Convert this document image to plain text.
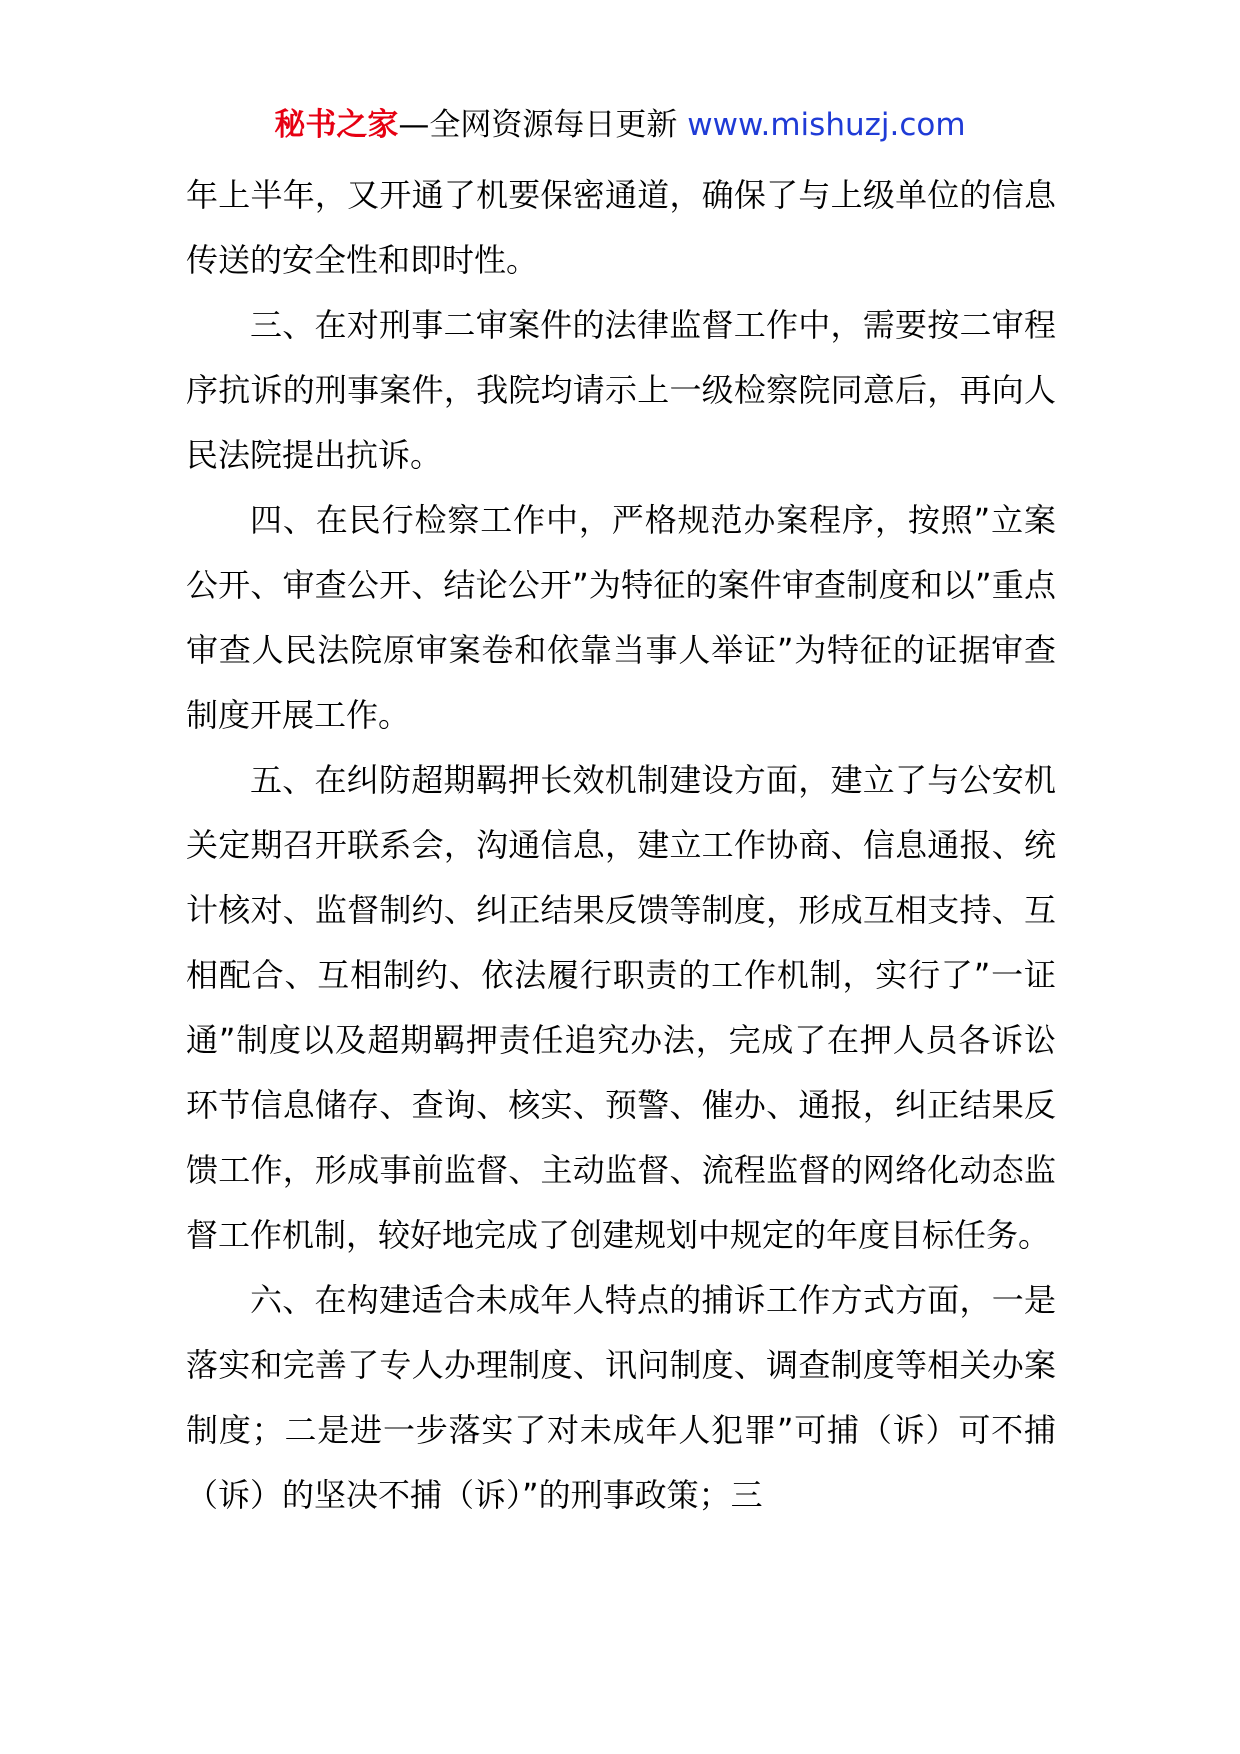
秘书之家—全网资源每日更新 www.mishuzj.com

年上半年，又开通了机要保密通道，确保了与上级单位的信息传送的安全性和即时性。

三、在对刑事二审案件的法律监督工作中，需要按二审程序抗诉的刑事案件，我院均请示上一级检察院同意后，再向人民法院提出抗诉。

四、在民行检察工作中，严格规范办案程序，按照”立案公开、审查公开、结论公开”为特征的案件审查制度和以”重点审查人民法院原审案卷和依靠当事人举证”为特征的证据审查制度开展工作。

五、在纠防超期羁押长效机制建设方面，建立了与公安机关定期召开联系会，沟通信息，建立工作协商、信息通报、统计核对、监督制约、纠正结果反馈等制度，形成互相支持、互相配合、互相制约、依法履行职责的工作机制，实行了”一证通”制度以及超期羁押责任追究办法，完成了在押人员各诉讼环节信息储存、查询、核实、预警、催办、通报，纠正结果反馈工作，形成事前监督、主动监督、流程监督的网络化动态监督工作机制，较好地完成了创建规划中规定的年度目标任务。

六、在构建适合未成年人特点的捕诉工作方式方面，一是落实和完善了专人办理制度、讯问制度、调查制度等相关办案制度；二是进一步落实了对未成年人犯罪”可捕（诉）可不捕（诉）的坚决不捕（诉）”的刑事政策；三
